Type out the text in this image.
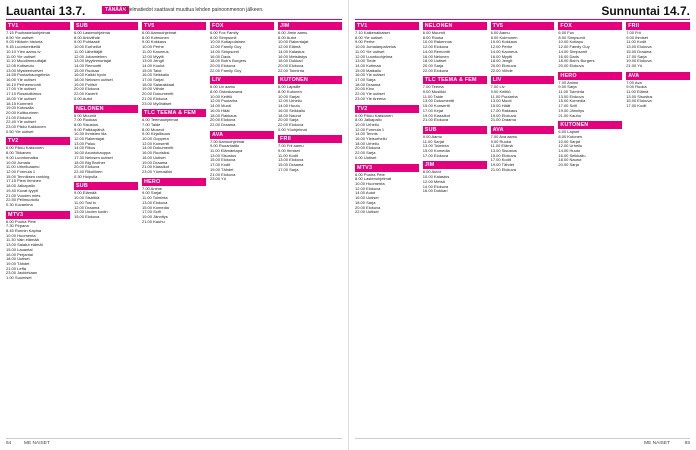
Lauantai 13.7.	TÄNÄÄN
Ohjelmatiedot saattavat muuttua lehden painoonmenon jälkeen.
TV1
7.15 Puuhasteluohjelmat
8.50 Yle uutiset
9.03 Hildurin historia
9.45 Luontoretkellä
10.10 Ylen aamu-tv
11.00 Yle uutiset
11.10 Muodinmuuttajat
12.05 Kotiseutu
13.00 Mysteerivelvet
14.55 Puutarhaongelmia
16.00 Yle uutiset
16.10 Perheennonti
17.00 Yle uutiset
17.10 Rosatutkimus
18.00 Yle uutiset
18.15 Kummeli
19.00 Kutosalla
20.00 Kulttuurinen
21.00 Elokuva
22.40 Yle uutiset
23.00 Pikku Kakkonen
0.50 Yle uutiset
TV2
6.00 Pikku Kakkonen
8.00 Tikkanen
9.00 Luontomatka
10.00 Jumala
11.00 Urheiluaamu
12.00 Formula 1
15.00 Tenniksen ranking
17.15 Pieni ihminen
18.00 Jalkapallo
19.40 Kovat tyypit
21.00 Vuoden mies
22.50 Pelimuotoilu
0.30 Kuvaelma
MTV3
6.00 Puuha Pete
7.30 Pirpana
8.45 Runnin Kapina
10.00 Huomenta
11.30 Vain elämää
13.00 Salatut elämät
15.00 Lauantai
16.00 Perjantai
18.00 Uutiset
19.00 Tähdet
21.00 Leffa
23.00 Jackiekaan
1.00 Suomiset
SUB
6.00 Lastenohjelmia
8.00 Arkiviihde
9.00 Puhtaasti
10.00 Eurheilut
11.00 Lähettäjät
12.00 Jokamiehen
13.00 Myytinmurtajat
14.00 Remontti
15.00 Ruokaa
16.00 Kaikki hyvin
18.00 Nelosen uutiset
19.00 Poliisit
20.00 Elokuva
22.00 Kaverit
0.00 Autot
NELONEN
6.00 Muumit
7.00 Ruokaa
8.00 Sisustus
9.00 Palkkapäivä
10.30 Ihmisten tila
12.00 Rakentajat
13.00 Paluu
14.00 Rikos
16.00 Asuntokauppa
17.30 Nelosen uutiset
18.00 Big Brother
20.00 Elokuva
22.40 Rikollinen
0.30 Huipulla
SUB
9.00 Elämää
10.00 Sisältöä
11.00 Tosi tv
12.00 Draama
13.00 Uuden kodin
15.00 Elokuva
TV5
6.00 Aamuohjelmat
8.00 Kolmonen
9.00 Kokkaus
10.00 Perhe
11.00 Kauneus
12.00 Myytti
13.00 Jengit
14.00 Koulut
15.00 Talot
16.00 Seikkailu
17.00 Sarjat
18.00 Salarakkaat
19.00 Viihde
20.00 Dokumentti
21.00 Elokuva
23.00 Myöhäiset
TLC TEEMA & FEM
6.00 Teemaohjelmat
7.00 Taide
8.00 Museot
9.00 Kirjallisuus
10.00 Ooppera
12.00 Konsertti
14.00 Dokumentti
16.00 Ruotsiksi
18.00 Uutiset
19.00 Draama
21.00 Klassikot
23.00 Yömusiikki
HERO
7.00 Anime
9.00 Sarjat
11.00 Toiminta
13.00 Elokuva
15.00 Komedia
17.00 Scifi
19.00 Jännitys
21.00 Kauhu
FOX
6.00 Fox Family
8.00 Simpsonit
10.00 Kotiapulainen
12.00 Family Guy
14.00 Simpsonit
16.00 Dads
18.00 Bob's Burgers
20.00 Elokuva
22.00 Family Guy
LIV
6.00 Liv aamu
8.00 Ostoskanava
10.00 Keittiö
12.00 Puutarha
14.00 Muoti
16.00 Häät
18.00 Rakkaus
20.00 Elokuva
22.00 Draama
AVA
7.00 Aamuohjelmat
9.00 Ruoanlaitto
11.00 Elämäntapa
13.00 Sisustus
15.00 Elokuva
17.00 Kodit
19.00 Tähdet
21.00 Elokuva
23.00 Yö
JIM
6.00 Jimin aamu
8.00 Autot
10.00 Rakentajat
12.00 Elämä
14.00 Kalastus
16.00 Metsästys
18.00 Dokkari
20.00 Elokuva
22.00 Toiminta
KUTONEN
6.00 Lapsille
8.00 Kutonen
10.00 Sarjat
12.00 Urheilu
14.00 Huuto
16.00 Seikkailu
18.00 Naurut
20.00 Sarja
22.00 Elokuva
0.00 Yöohjelmat
FRII
7.00 Frii aamu
9.00 Ihmiset
11.00 Kodit
13.00 Elokuva
15.00 Draama
17.00 Sarja
64	ME NAISET
Sunnuntai 14.7.
TV1
7.10 Kaikenaikaiset
8.00 Yle uutiset
9.00 Perhe
10.00 Jumalanpalvelus
11.00 Yle uutiset
12.00 Luontoohjelma
13.00 Tiede
14.00 Kotimaa
15.00 Matkailu
16.00 Yle uutiset
17.00 Sarja
18.00 Draama
20.00 Kino
22.00 Yle uutiset
23.00 Yle Areena
TV2
6.00 Pikku Kakkonen
8.00 Jalkapallo
10.00 Urheilu
12.00 Formula 1
14.00 Tennis
16.00 Yleisurheilu
18.00 Urheilu
20.00 Elokuva
22.00 Sarja
0.00 Uutiset
MTV3
6.00 Puuha Pete
8.00 Lastenohjelmat
10.00 Huomenta
12.00 Elokuva
14.00 Autot
16.00 Uutiset
18.00 Sarja
20.00 Elokuva
22.00 Uutiset
NELONEN
6.00 Muumit
8.00 Ruoka
10.00 Rakennus
12.00 Elokuva
14.00 Remontti
16.00 Nelonen
18.00 Uutiset
20.00 Sarja
22.00 Elokuva
TLC TEEMA & FEM
7.00 Teema
9.00 Musiikki
11.00 Taide
13.00 Dokumentti
15.00 Konsertti
17.00 Kirjat
19.00 Klassikot
21.00 Elokuva
SUB
9.00 Aamu
11.00 Sarjat
13.00 Toiminta
15.00 Komedia
17.00 Elokuva
JIM
8.00 Autot
10.00 Kalastus
12.00 Metsä
14.00 Elokuva
16.00 Dokkari
TV5
6.00 Aamu
8.00 Kolmonen
10.00 Kokkaus
12.00 Perhe
14.00 Kauneus
16.00 Myytti
18.00 Jengit
20.00 Elokuva
22.00 Viihde
LIV
7.00 Liv
9.00 Keittiö
11.00 Puutarha
13.00 Muoti
15.00 Häät
17.00 Rakkaus
19.00 Elokuva
21.00 Draama
AVA
7.00 Ava aamu
9.00 Ruoka
11.00 Elämä
13.00 Sisustus
15.00 Elokuva
17.00 Kodit
19.00 Tähdet
21.00 Elokuva
FOX
6.00 Fox
8.00 Simpsonit
10.00 Kotiapu
12.00 Family Guy
14.00 Simpsonit
16.00 Dads
18.00 Bob's Burgers
20.00 Elokuva
HERO
7.00 Anime
9.00 Sarja
11.00 Toiminta
13.00 Elokuva
15.00 Komedia
17.00 Scifi
19.00 Jännitys
21.00 Kauhu
KUTONEN
6.00 Lapset
8.00 Kutonen
10.00 Sarjat
12.00 Urheilu
14.00 Huuto
16.00 Seikkailu
18.00 Naurut
20.00 Sarja
FRII
7.00 Frii
9.00 Ihmiset
11.00 Kodit
13.00 Elokuva
15.00 Draama
17.00 Sarja
19.00 Elokuva
21.00 Yö
AVA
7.00 Ava
9.00 Ruoka
11.00 Elämä
13.00 Sisustus
15.00 Elokuva
17.00 Kodit
65
ME NAISET
